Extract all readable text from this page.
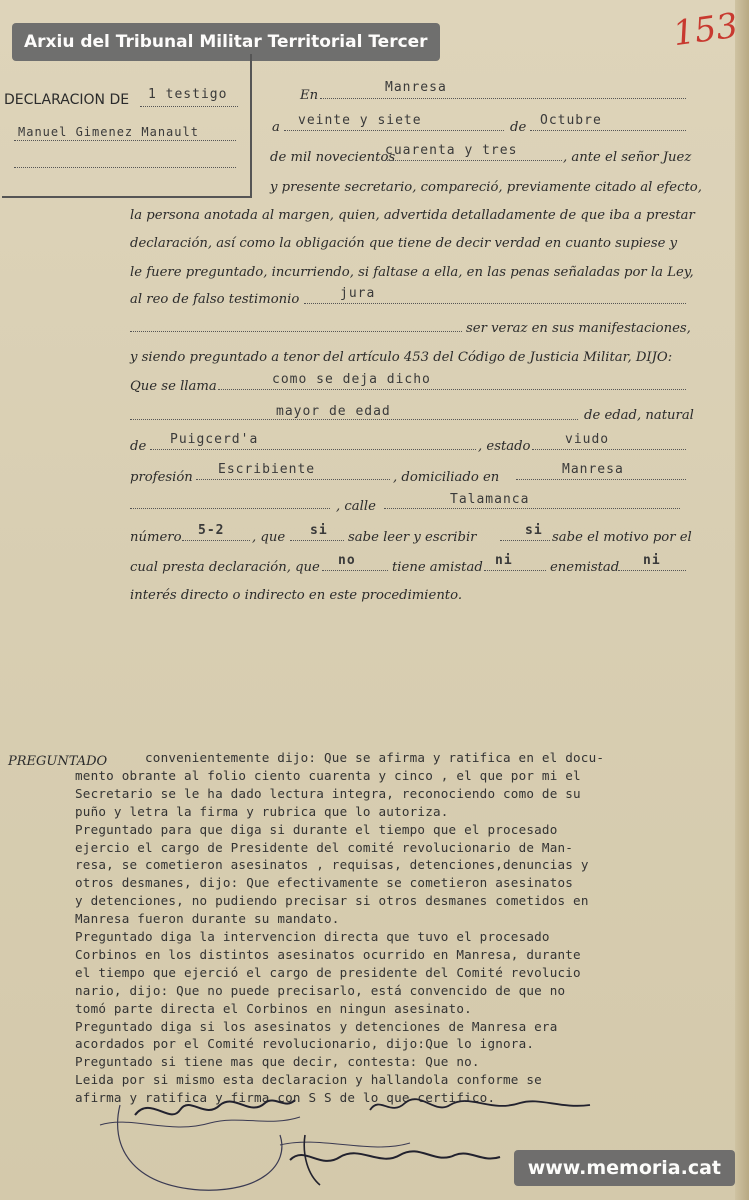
Arxiu del Tribunal Militar Territorial Tercer	153
DECLARACION DE 1 testigo
Manuel Gimenez Manault
En
Manresa
a veinte y siete	de Octubre
de mil novecientos
cuarenta y tres	, ante el señor Juez
y presente secretario, compareció, previamente citado al efecto,
la persona anotada al margen, quien, advertida detalladamente de que iba a prestar
declaración, así como la obligación que tiene de decir verdad en cuanto supiese y
le fuere preguntado, incurriendo, si faltase a ella, en las penas señaladas por la Ley,
al reo de falso testimonio	jura
ser veraz en sus manifestaciones,
y siendo preguntado a tenor del artículo 453 del Código de Justicia Militar, DIJO:
Que se llama	como se deja dicho
mayor de edad	de edad, natural
de Puigcerd'a	, estado	viudo
profesión
Escribiente
, domiciliado en
Manresa
, calle	Talamanca
número 5-2 , que si sabe leer y escribir	si sabe el motivo por el
cual presta declaración, que no	tiene amistad ni	enemistad ni
interés directo o indirecto en este procedimiento.
PREGUNTADO	convenientemente dijo: Que se afirma y ratifica en el docu-
mento obrante al folio ciento cuarenta y cinco , el que por mi el
Secretario se le ha dado lectura integra, reconociendo como de su
puño y letra la firma y rubrica que lo autoriza.
Preguntado para que diga si durante el tiempo que el procesado
ejercio el cargo de Presidente del comité revolucionario de Man-
resa, se cometieron asesinatos , requisas, detenciones,denuncias y
otros desmanes, dijo: Que efectivamente se cometieron asesinatos
y detenciones, no pudiendo precisar si otros desmanes cometidos en
Manresa fueron durante su mandato.
Preguntado diga la intervencion directa que tuvo el procesado
Corbinos en los distintos asesinatos ocurrido en Manresa, durante
el tiempo que ejerció el cargo de presidente del Comité revolucio
nario, dijo: Que no puede precisarlo, está convencido de que no
tomó parte directa el Corbinos en ningun asesinato.
Preguntado diga si los asesinatos y detenciones de Manresa era
acordados por el Comité revolucionario, dijo:Que lo ignora.
Preguntado si tiene mas que decir, contesta: Que no.
Leida por si mismo esta declaracion y hallandola conforme se
afirma y ratifica y firma con S S de lo que certifico.
www.memoria.cat
